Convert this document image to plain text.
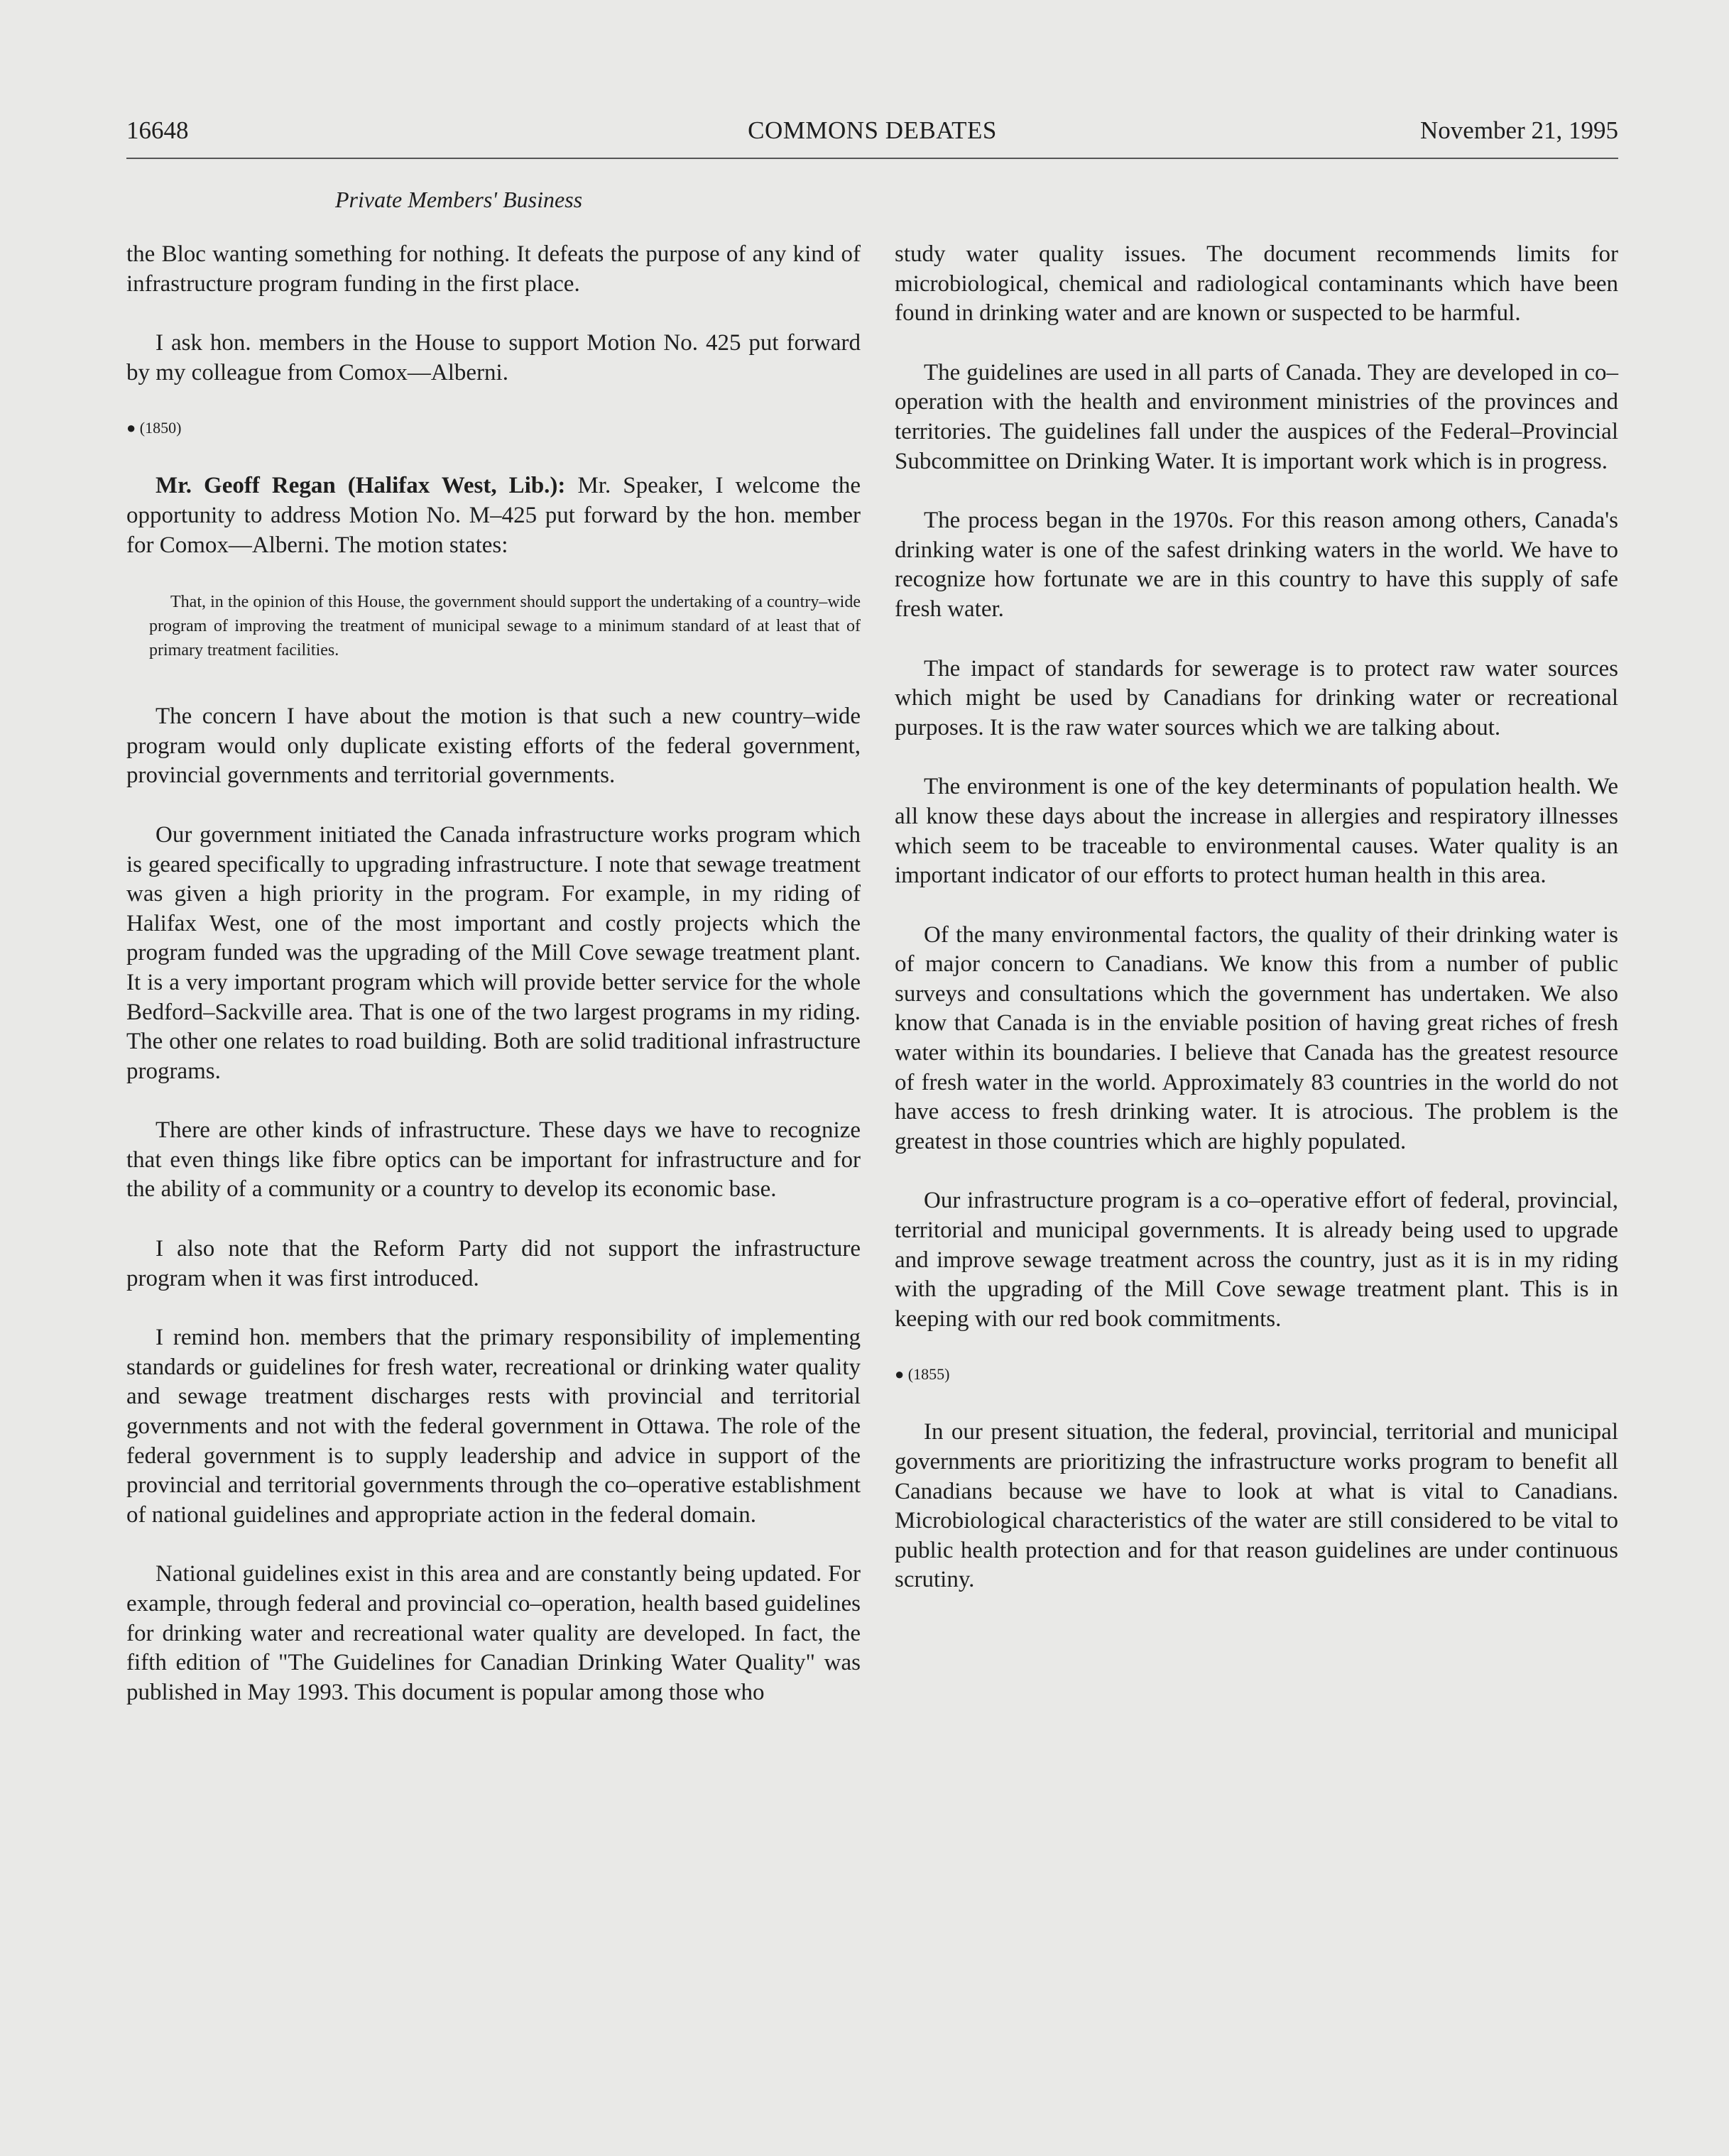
16648	COMMONS DEBATES	November 21, 1995
Private Members' Business

the Bloc wanting something for nothing. It defeats the purpose of any kind of infrastructure program funding in the first place.

I ask hon. members in the House to support Motion No. 425 put forward by my colleague from Comox—Alberni.

● (1850)

Mr. Geoff Regan (Halifax West, Lib.): Mr. Speaker, I welcome the opportunity to address Motion No. M–425 put forward by the hon. member for Comox—Alberni. The motion states:

That, in the opinion of this House, the government should support the undertaking of a country–wide program of improving the treatment of municipal sewage to a minimum standard of at least that of primary treatment facilities.

The concern I have about the motion is that such a new country–wide program would only duplicate existing efforts of the federal government, provincial governments and territorial governments.

Our government initiated the Canada infrastructure works program which is geared specifically to upgrading infrastructure. I note that sewage treatment was given a high priority in the program. For example, in my riding of Halifax West, one of the most important and costly projects which the program funded was the upgrading of the Mill Cove sewage treatment plant. It is a very important program which will provide better service for the whole Bedford–Sackville area. That is one of the two largest programs in my riding. The other one relates to road building. Both are solid traditional infrastructure programs.

There are other kinds of infrastructure. These days we have to recognize that even things like fibre optics can be important for infrastructure and for the ability of a community or a country to develop its economic base.

I also note that the Reform Party did not support the infrastructure program when it was first introduced.

I remind hon. members that the primary responsibility of implementing standards or guidelines for fresh water, recreational or drinking water quality and sewage treatment discharges rests with provincial and territorial governments and not with the federal government in Ottawa. The role of the federal government is to supply leadership and advice in support of the provincial and territorial governments through the co–operative establishment of national guidelines and appropriate action in the federal domain.

National guidelines exist in this area and are constantly being updated. For example, through federal and provincial co–operation, health based guidelines for drinking water and recreational water quality are developed. In fact, the fifth edition of "The Guidelines for Canadian Drinking Water Quality" was published in May 1993. This document is popular among those who

study water quality issues. The document recommends limits for microbiological, chemical and radiological contaminants which have been found in drinking water and are known or suspected to be harmful.

The guidelines are used in all parts of Canada. They are developed in co–operation with the health and environment ministries of the provinces and territories. The guidelines fall under the auspices of the Federal–Provincial Subcommittee on Drinking Water. It is important work which is in progress.

The process began in the 1970s. For this reason among others, Canada's drinking water is one of the safest drinking waters in the world. We have to recognize how fortunate we are in this country to have this supply of safe fresh water.

The impact of standards for sewerage is to protect raw water sources which might be used by Canadians for drinking water or recreational purposes. It is the raw water sources which we are talking about.

The environment is one of the key determinants of population health. We all know these days about the increase in allergies and respiratory illnesses which seem to be traceable to environmental causes. Water quality is an important indicator of our efforts to protect human health in this area.

Of the many environmental factors, the quality of their drinking water is of major concern to Canadians. We know this from a number of public surveys and consultations which the government has undertaken. We also know that Canada is in the enviable position of having great riches of fresh water within its boundaries. I believe that Canada has the greatest resource of fresh water in the world. Approximately 83 countries in the world do not have access to fresh drinking water. It is atrocious. The problem is the greatest in those countries which are highly populated.

Our infrastructure program is a co–operative effort of federal, provincial, territorial and municipal governments. It is already being used to upgrade and improve sewage treatment across the country, just as it is in my riding with the upgrading of the Mill Cove sewage treatment plant. This is in keeping with our red book commitments.

● (1855)

In our present situation, the federal, provincial, territorial and municipal governments are prioritizing the infrastructure works program to benefit all Canadians because we have to look at what is vital to Canadians. Microbiological characteristics of the water are still considered to be vital to public health protection and for that reason guidelines are under continuous scrutiny.
